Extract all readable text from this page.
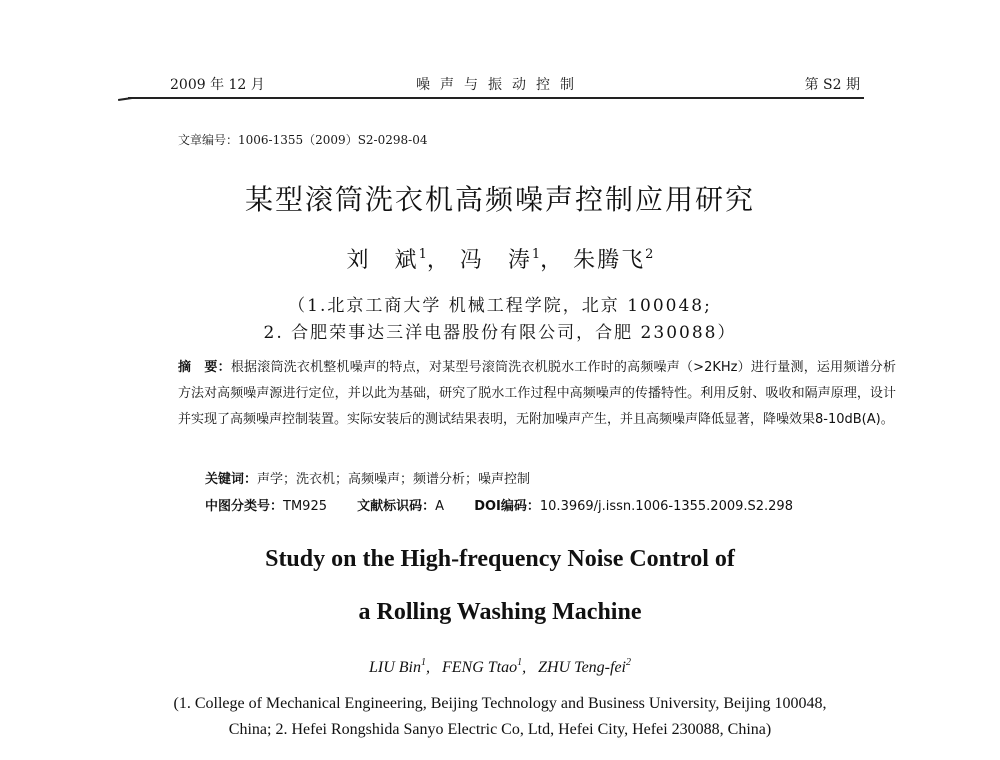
2009 年 12 月	噪声与振动控制	第 S2 期
文章编号：1006-1355（2009）S2-0298-04
某型滚筒洗衣机高频噪声控制应用研究
刘　斌$^1$， 冯　涛$^1$， 朱腾飞$^2$
（1.北京工商大学 机械工程学院，北京 100048;
2. 合肥荣事达三洋电器股份有限公司，合肥 230088）
摘　要：根据滚筒洗衣机整机噪声的特点，对某型号滚筒洗衣机脱水工作时的高频噪声（>2KHz）进行量测，运用频谱分析方法对高频噪声源进行定位，并以此为基础，研究了脱水工作过程中高频噪声的传播特性。利用反射、吸收和隔声原理，设计并实现了高频噪声控制装置。实际安装后的测试结果表明，无附加噪声产生，并且高频噪声降低显著，降噪效果8-10dB(A)。
关键词：声学；洗衣机；高频噪声；频谱分析；噪声控制
中图分类号：TM925 文献标识码：A DOI编码：10.3969/j.issn.1006-1355.2009.S2.298
Study on the High-frequency Noise Control of
a Rolling Washing Machine
LIU Bin$^1$,   FENG Ttao$^1$,   ZHU Teng-fei$^2$
(1. College of Mechanical Engineering, Beijing Technology and Business University, Beijing 100048,
China; 2. Hefei Rongshida Sanyo Electric Co, Ltd, Hefei City, Hefei 230088, China)
